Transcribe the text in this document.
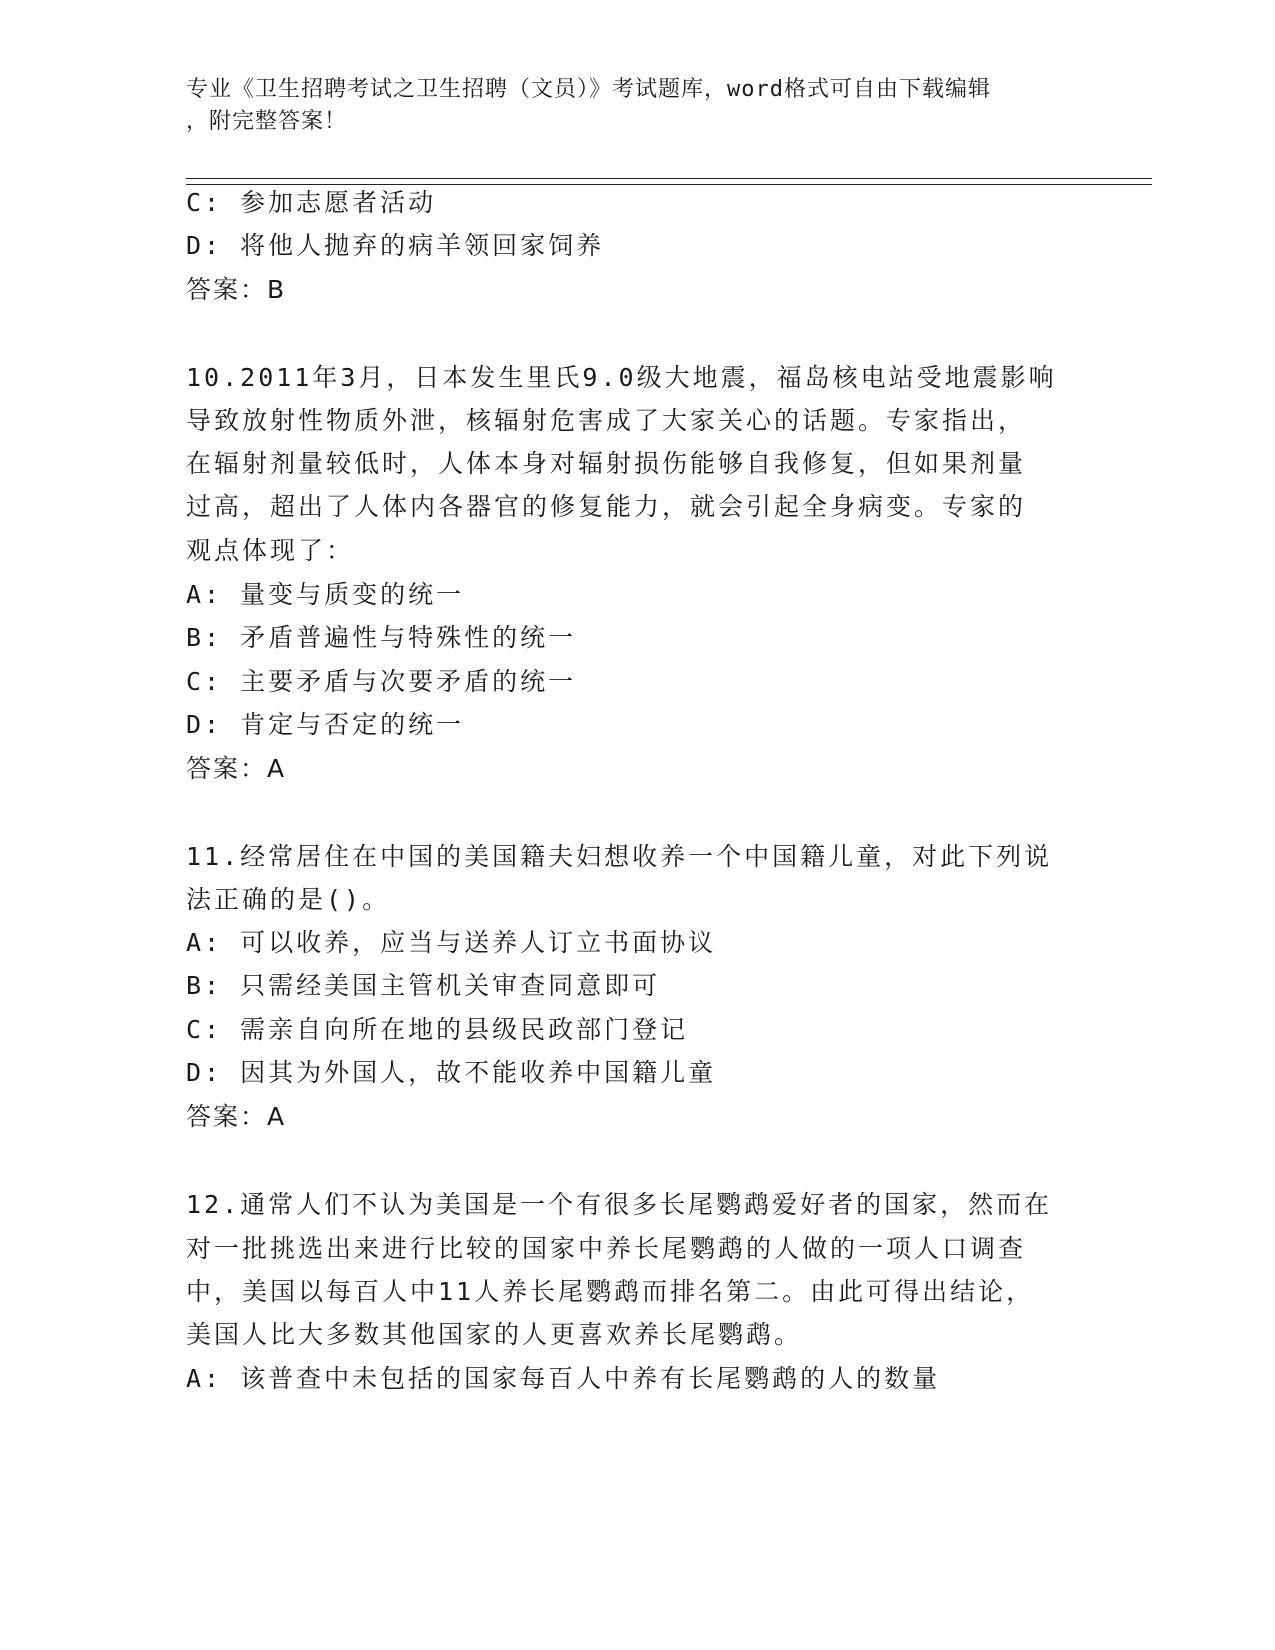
专业《卫生招聘考试之卫生招聘（文员）》考试题库，word格式可自由下载编辑
，附完整答案！
C: 参加志愿者活动
D: 将他人抛弃的病羊领回家饲养
答案：B
10.2011年3月，日本发生里氏9.0级大地震，福岛核电站受地震影响
导致放射性物质外泄，核辐射危害成了大家关心的话题。专家指出，
在辐射剂量较低时，人体本身对辐射损伤能够自我修复，但如果剂量
过高，超出了人体内各器官的修复能力，就会引起全身病变。专家的
观点体现了：
A: 量变与质变的统一
B: 矛盾普遍性与特殊性的统一
C: 主要矛盾与次要矛盾的统一
D: 肯定与否定的统一
答案：A
11.经常居住在中国的美国籍夫妇想收养一个中国籍儿童，对此下列说
法正确的是()。
A: 可以收养，应当与送养人订立书面协议
B: 只需经美国主管机关审查同意即可
C: 需亲自向所在地的县级民政部门登记
D: 因其为外国人，故不能收养中国籍儿童
答案：A
12.通常人们不认为美国是一个有很多长尾鹦鹉爱好者的国家，然而在
对一批挑选出来进行比较的国家中养长尾鹦鹉的人做的一项人口调查
中，美国以每百人中11人养长尾鹦鹉而排名第二。由此可得出结论，
美国人比大多数其他国家的人更喜欢养长尾鹦鹉。
A: 该普查中未包括的国家每百人中养有长尾鹦鹉的人的数量
